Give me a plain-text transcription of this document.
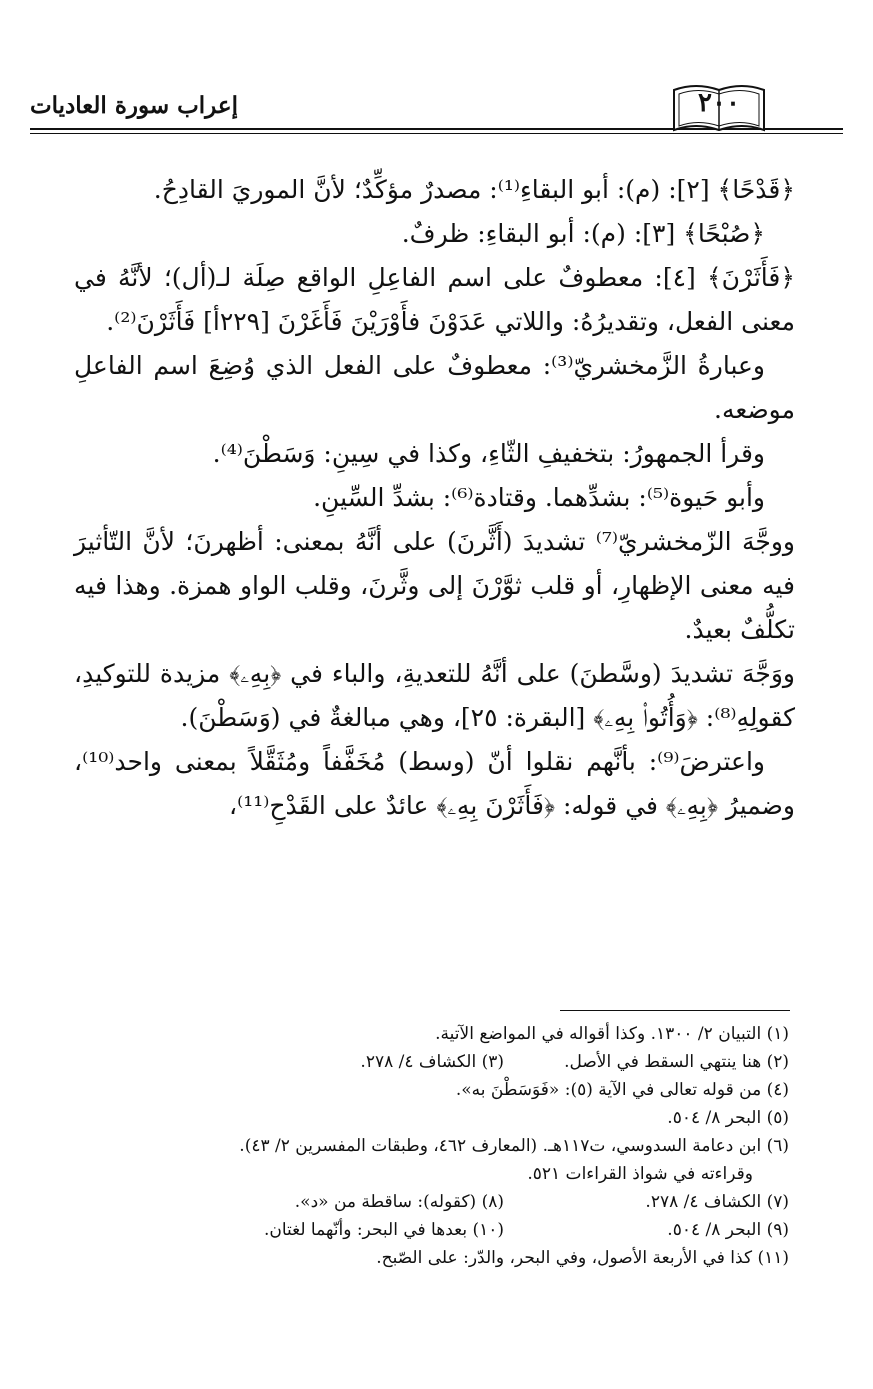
إعراب سورة العاديات	٢٠٠

﴿قَدْحًا﴾ [٢]: (م): أبو البقاءِ⁽¹⁾: مصدرٌ مؤكِّدٌ؛ لأنَّ الموريَ القادِحُ.

﴿صُبْحًا﴾ [٣]: (م): أبو البقاءِ: ظرفٌ.

﴿فَأَثَرْنَ﴾ [٤]: معطوفٌ على اسم الفاعِلِ الواقع صِلَة لـ(أل)؛ لأنَّهُ في معنى الفعل، وتقديرُهُ: واللاتي عَدَوْنَ فأَوْرَيْنَ فَأَغَرْنَ [٢٢٩أ] فَأَثَرْنَ⁽²⁾.

وعبارةُ الزَّمخشريّ⁽³⁾: معطوفٌ على الفعل الذي وُضِعَ اسم الفاعلِ موضعه.

وقرأ الجمهورُ: بتخفيفِ الثّاءِ، وكذا في سِينِ: وَسَطْنَ⁽⁴⁾.

وأبو حَيوة⁽⁵⁾: بشدِّهما. وقتادة⁽⁶⁾: بشدِّ السِّينِ.

ووجَّهَ الزّمخشريّ⁽⁷⁾ تشديدَ (أَثَّرنَ) على أنَّهُ بمعنى: أظهرنَ؛ لأنَّ التّأثيرَ فيه معنى الإظهارِ، أو قلب ثوَّرْنَ إلى وثَّرنَ، وقلب الواو همزة. وهذا فيه تكلُّفٌ بعيدٌ.

ووَجَّهَ تشديدَ (وسَّطنَ) على أنَّهُ للتعديةِ، والباء في ﴿بِهِۦ﴾ مزيدة للتوكيدِ، كقولِهِ⁽⁸⁾: ﴿وَأُتُوا۟ بِهِۦ﴾ [البقرة: ٢٥]، وهي مبالغةٌ في (وَسَطْنَ).

واعترضَ⁽⁹⁾: بأنَّهم نقلوا أنّ (وسط) مُخَفَّفاً ومُثَقَّلاً بمعنى واحد⁽¹⁰⁾، وضميرُ ﴿بِهِۦ﴾ في قوله: ﴿فَأَثَرْنَ بِهِۦ﴾ عائدٌ على القَدْحِ⁽¹¹⁾،

(١) التبيان ٢/ ١٣٠٠. وكذا أقواله في المواضع الآتية.
(٢) هنا ينتهي السقط في الأصل.
(٣) الكشاف ٤/ ٢٧٨.
(٤) من قوله تعالى في الآية (٥): «فَوَسَطْنَ به».
(٥) البحر ٨/ ٥٠٤.
(٦) ابن دعامة السدوسي، ت١١٧هـ. (المعارف ٤٦٢، وطبقات المفسرين ٢/ ٤٣).
وقراءته في شواذ القراءات ٥٢١.
(٧) الكشاف ٤/ ٢٧٨.
(٨) (كقوله): ساقطة من «د».
(٩) البحر ٨/ ٥٠٤.
(١٠) بعدها في البحر: وأنّهما لغتان.
(١١) كذا في الأربعة الأصول، وفي البحر، والدّر: على الصّبح.
